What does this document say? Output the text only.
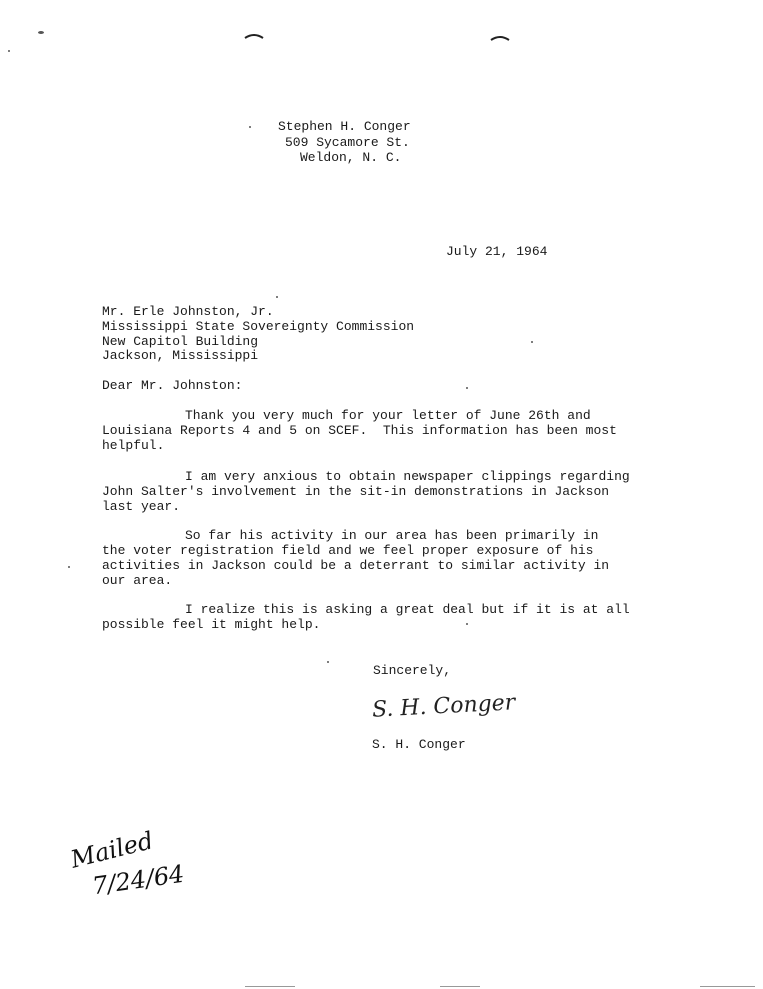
Stephen H. Conger
509 Sycamore St.
Weldon, N. C.
July 21, 1964
Mr. Erle Johnston, Jr.
Mississippi State Sovereignty Commission
New Capitol Building
Jackson, Mississippi
Dear Mr. Johnston:
Thank you very much for your letter of June 26th and
Louisiana Reports 4 and 5 on SCEF.  This information has been most
helpful.
I am very anxious to obtain newspaper clippings regarding
John Salter's involvement in the sit-in demonstrations in Jackson
last year.
So far his activity in our area has been primarily in
the voter registration field and we feel proper exposure of his
activities in Jackson could be a deterrant to similar activity in
our area.
I realize this is asking a great deal but if it is at all
possible feel it might help.
Sincerely,
S. H. Conger
S. H. Conger
Mailed
7/24/64
